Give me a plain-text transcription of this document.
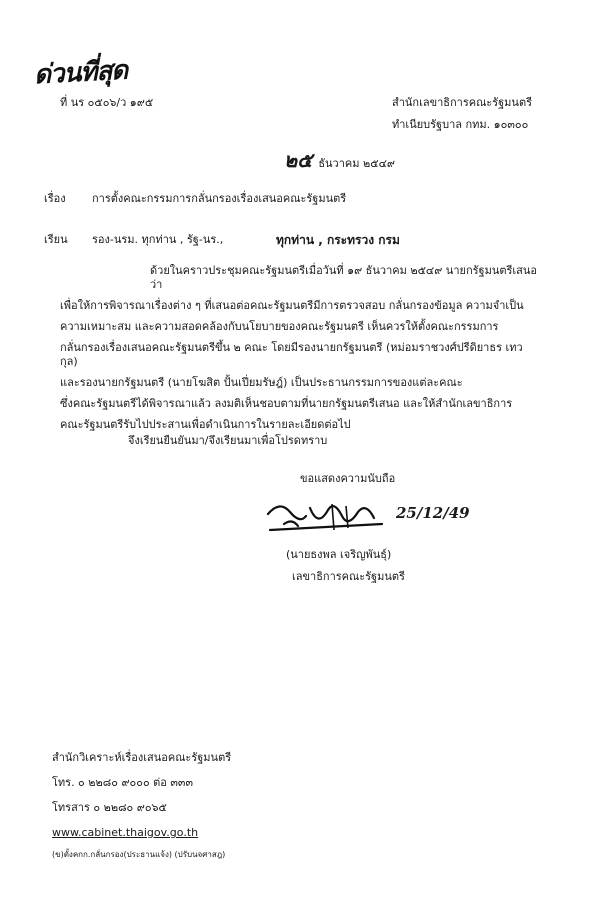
ด่วนที่สุด
ที่ นร ๐๕๐๖/ว ๑๙๕	สำนักเลขาธิการคณะรัฐมนตรี
ทำเนียบรัฐบาล กทม. ๑๐๓๐๐
๒๕ ธันวาคม ๒๕๔๙
เรื่อง การตั้งคณะกรรมการกลั่นกรองเรื่องเสนอคณะรัฐมนตรี
เรียน รอง-นรม. ทุกท่าน , รัฐ-นร.,	ทุกท่าน , กระทรวง กรม
ด้วยในคราวประชุมคณะรัฐมนตรีเมื่อวันที่ ๑๙ ธันวาคม ๒๕๔๙ นายกรัฐมนตรีเสนอว่า
เพื่อให้การพิจารณาเรื่องต่าง ๆ ที่เสนอต่อคณะรัฐมนตรีมีการตรวจสอบ กลั่นกรองข้อมูล ความจำเป็น
ความเหมาะสม และความสอดคล้องกับนโยบายของคณะรัฐมนตรี เห็นควรให้ตั้งคณะกรรมการ
กลั่นกรองเรื่องเสนอคณะรัฐมนตรีขึ้น ๒ คณะ โดยมีรองนายกรัฐมนตรี (หม่อมราชวงศ์ปรีดิยาธร เทวกุล)
และรองนายกรัฐมนตรี (นายโฆสิต ปั้นเปี่ยมรัษฎ์) เป็นประธานกรรมการของแต่ละคณะ
ซึ่งคณะรัฐมนตรีได้พิจารณาแล้ว ลงมติเห็นชอบตามที่นายกรัฐมนตรีเสนอ และให้สำนักเลขาธิการ
คณะรัฐมนตรีรับไปประสานเพื่อดำเนินการในรายละเอียดต่อไป
จึงเรียนยืนยันมา/จึงเรียนมาเพื่อโปรดทราบ
ขอแสดงความนับถือ
25/12/49
(นายธงพล เจริญพันธุ์)
เลขาธิการคณะรัฐมนตรี
สำนักวิเคราะห์เรื่องเสนอคณะรัฐมนตรี
โทร. ๐ ๒๒๘๐ ๙๐๐๐ ต่อ ๓๓๓
โทรสาร ๐ ๒๒๘๐ ๙๐๖๕
www.cabinet.thaigov.go.th
(ข)ตั้งคกก.กลั่นกรอง(ประธานแจ้ง) (ปรับนจศาสฎ)
